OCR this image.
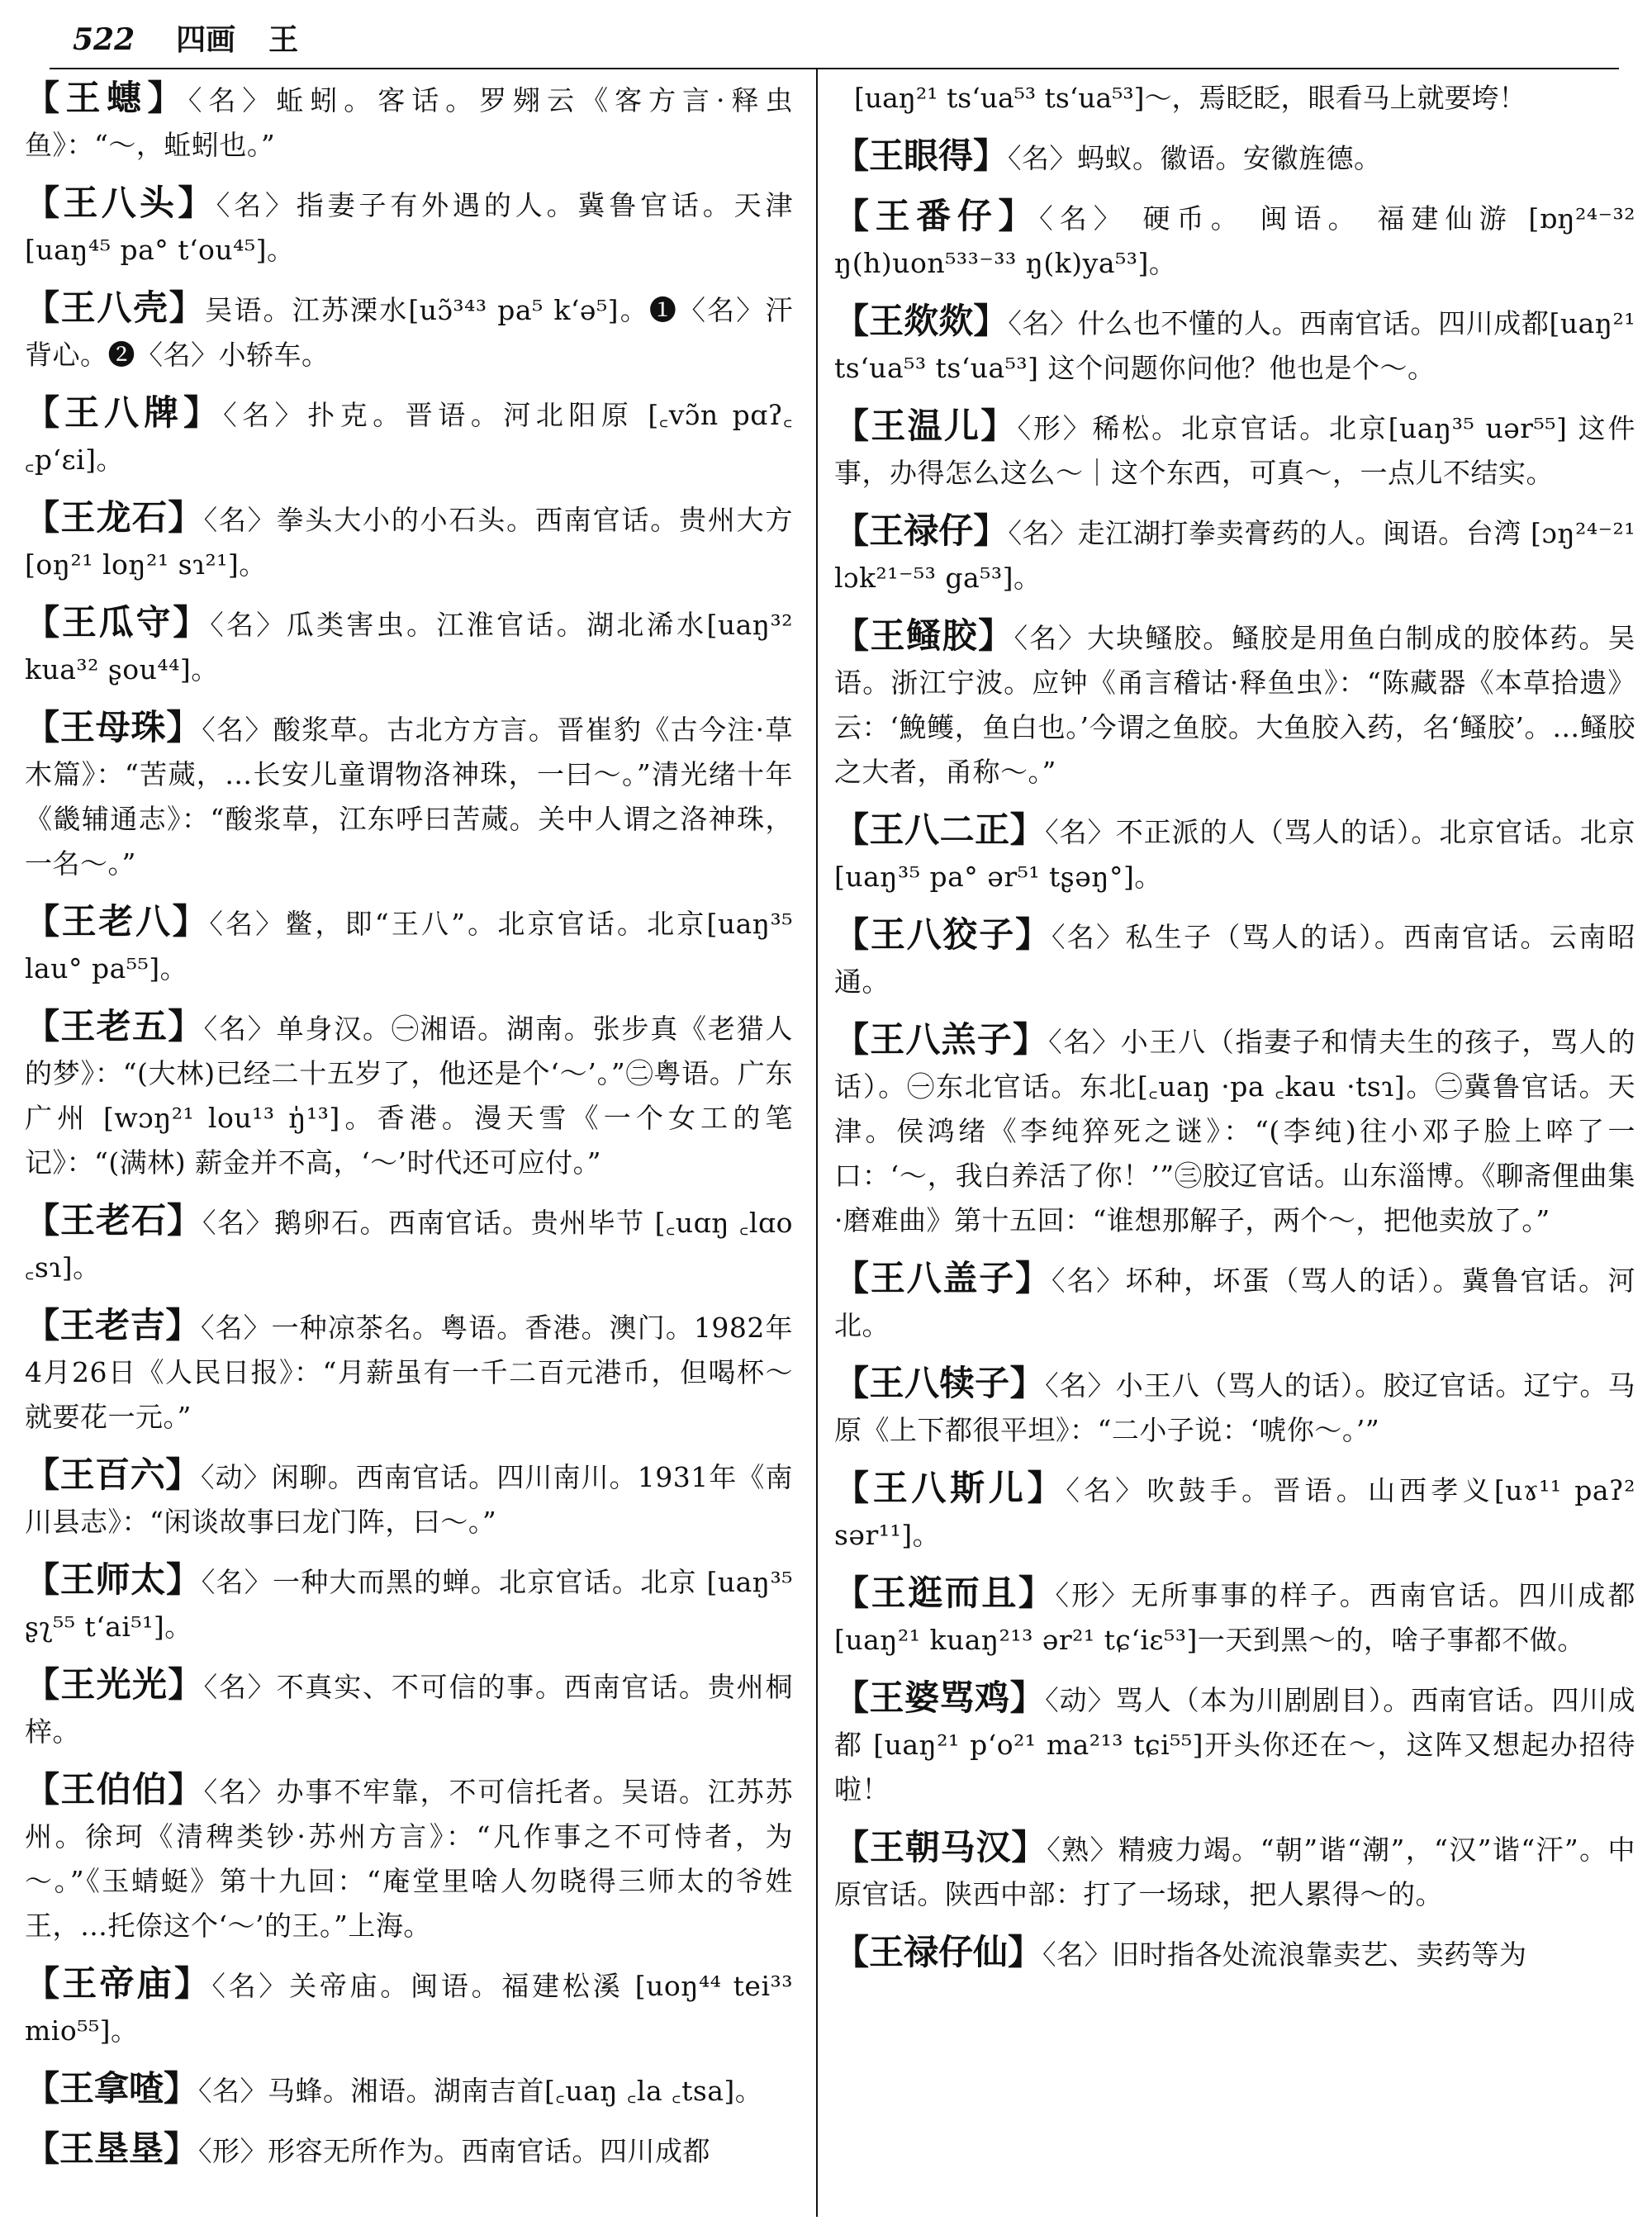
522 四画 王
【 王蟪 】 〈名〉蚯蚓。客话。罗翙云《客方言·释虫鱼》：“～，蚯蚓也。”
【 王八头 】 〈名〉指妻子有外遇的人。冀鲁官话。天津 [uaŋ⁴⁵ pa° t‘ou⁴⁵]。
【 王八壳 】 吴语。江苏溧水[uɔ̃³⁴³ pa⁵ k‘ə⁵]。❶〈名〉汗背心。❷〈名〉小轿车。
【 王八牌 】 〈名〉扑克。晋语。河北阳原 [꜀vɔ̃n pɑʔ꜀ ꜀p‘ɛi]。
【 王龙石 】 〈名〉拳头大小的小石头。西南官话。贵州大方 [oŋ²¹ loŋ²¹ sɿ²¹]。
【 王瓜守 】 〈名〉瓜类害虫。江淮官话。湖北浠水[uaŋ³² kua³² ʂou⁴⁴]。
【 王母珠 】 〈名〉酸浆草。古北方方言。晋崔豹《古今注·草木篇》：“苦蒇，…长安儿童谓物洛神珠，一曰～。”清光绪十年《畿辅通志》：“酸浆草，江东呼曰苦蒇。关中人谓之洛神珠，一名～。”
【 王老八 】 〈名〉鳖，即“王八”。北京官话。北京[uaŋ³⁵ lau° pa⁵⁵]。
【 王老五 】 〈名〉单身汉。㊀湘语。湖南。张步真《老猎人的梦》：“(大林)已经二十五岁了，他还是个‘～’。”㊁粤语。广东广州 [wɔŋ²¹ lou¹³ ŋ̍¹³]。香港。漫天雪《一个女工的笔记》：“(满林) 薪金并不高，‘～’时代还可应付。”
【 王老石 】 〈名〉鹅卵石。西南官话。贵州毕节 [꜀uɑŋ ꜀lɑo ꜀sɿ]。
【 王老吉 】 〈名〉一种凉茶名。粤语。香港。澳门。1982年4月26日《人民日报》：“月薪虽有一千二百元港币，但喝杯～就要花一元。”
【 王百六 】 〈动〉闲聊。西南官话。四川南川。1931年《南川县志》：“闲谈故事曰龙门阵，曰～。”
【 王师太 】 〈名〉一种大而黑的蝉。北京官话。北京 [uaŋ³⁵ ʂʅ⁵⁵ t‘ai⁵¹]。
【 王光光 】 〈名〉不真实、不可信的事。西南官话。贵州桐梓。
【 王伯伯 】 〈名〉办事不牢靠，不可信托者。吴语。江苏苏州。徐珂《清稗类钞·苏州方言》：“凡作事之不可恃者，为～。”《玉蜻蜓》第十九回：“庵堂里啥人勿晓得三师太的爷姓王，…托倷这个‘～’的王。”上海。
【 王帝庙 】 〈名〉关帝庙。闽语。福建松溪 [uoŋ⁴⁴ tei³³ mio⁵⁵]。
【 王拿喳 】 〈名〉马蜂。湘语。湖南吉首[꜀uaŋ ꜀la ꜀tsa]。
【 王垦垦 】 〈形〉形容无所作为。西南官话。四川成都
[uaŋ²¹ ts‘ua⁵³ ts‘ua⁵³]～，焉眨眨，眼看马上就要垮！
【 王眼得 】 〈名〉蚂蚁。徽语。安徽旌德。
【 王番仔 】 〈名〉 硬币。 闽语。 福建仙游 [ɒŋ²⁴⁻³² ŋ(h)uon⁵³³⁻³³ ŋ(k)ya⁵³]。
【 王欻欻 】 〈名〉什么也不懂的人。西南官话。四川成都[uaŋ²¹ ts‘ua⁵³ ts‘ua⁵³] 这个问题你问他？他也是个～。
【 王温儿 】 〈形〉稀松。北京官话。北京[uaŋ³⁵ uər⁵⁵] 这件事，办得怎么这么～｜这个东西，可真～，一点儿不结实。
【 王禄仔 】 〈名〉走江湖打拳卖膏药的人。闽语。台湾 [ɔŋ²⁴⁻²¹ lɔk²¹⁻⁵³ ga⁵³]。
【 王鳋胶 】 〈名〉大块鳋胶。鳋胶是用鱼白制成的胶体药。吴语。浙江宁波。应钟《甬言稽诂·释鱼虫》：“陈藏器《本草拾遗》云：‘鮸鳠，鱼白也。’今谓之鱼胶。大鱼胶入药，名‘鳋胶’。…鳋胶之大者，甬称～。”
【 王八二正 】 〈名〉不正派的人（骂人的话）。北京官话。北京[uaŋ³⁵ pa° ər⁵¹ tʂəŋ°]。
【 王八狡子 】 〈名〉私生子（骂人的话）。西南官话。云南昭通。
【 王八羔子 】 〈名〉小王八（指妻子和情夫生的孩子，骂人的话）。㊀东北官话。东北[꜀uaŋ ·pa ꜀kau ·tsɿ]。㊁冀鲁官话。天津。侯鸿绪《李纯猝死之谜》：“(李纯)往小邓子脸上啐了一口：‘～，我白养活了你！’”㊂胶辽官话。山东淄博。《聊斋俚曲集·磨难曲》第十五回：“谁想那解子，两个～，把他卖放了。”
【 王八盖子 】 〈名〉坏种，坏蛋（骂人的话）。冀鲁官话。河北。
【 王八犊子 】 〈名〉小王八（骂人的话）。胶辽官话。辽宁。马原《上下都很平坦》：“二小子说：‘唬你～。’”
【 王八斯儿 】 〈名〉吹鼓手。晋语。山西孝义[uɤ¹¹ paʔ² sər¹¹]。
【 王逛而且 】 〈形〉无所事事的样子。西南官话。四川成都[uaŋ²¹ kuaŋ²¹³ ər²¹ tɕ‘iɛ⁵³]一天到黑～的，啥子事都不做。
【 王婆骂鸡 】 〈动〉骂人（本为川剧剧目）。西南官话。四川成都 [uaŋ²¹ p‘o²¹ ma²¹³ tɕi⁵⁵]开头你还在～，这阵又想起办招待啦！
【 王朝马汉 】 〈熟〉精疲力竭。“朝”谐“潮”，“汉”谐“汗”。中原官话。陕西中部：打了一场球，把人累得～的。
【 王禄仔仙 】 〈名〉旧时指各处流浪靠卖艺、卖药等为
